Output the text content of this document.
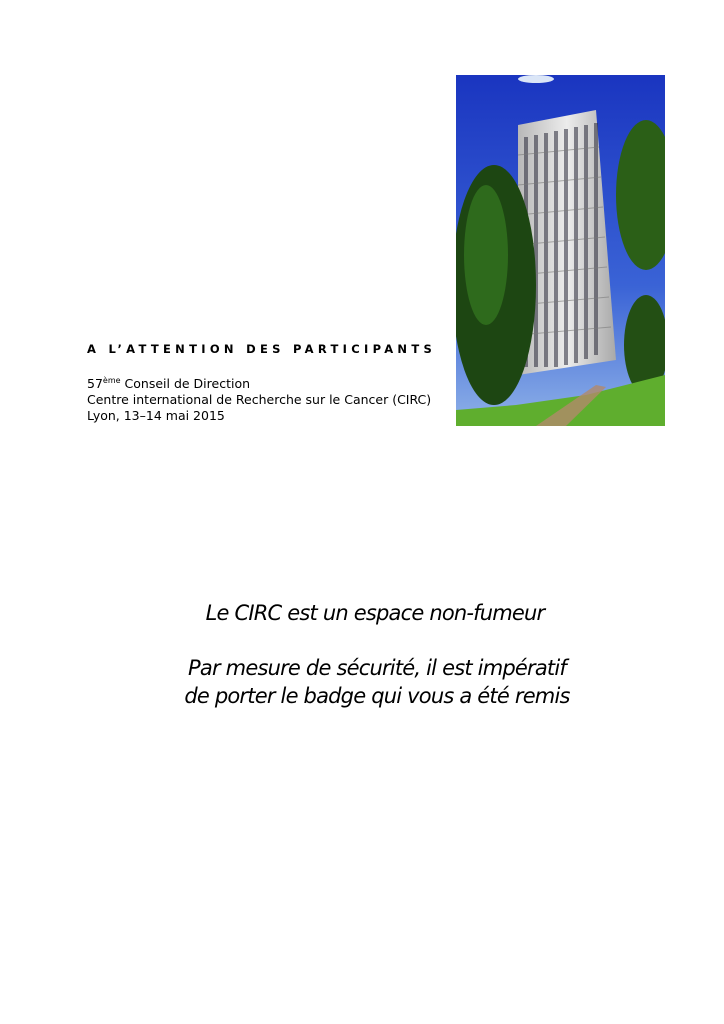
A L’ATTENTION DES PARTICIPANTS
57ème Conseil de Direction
Centre international de Recherche sur le Cancer (CIRC)
Lyon, 13–14 mai 2015
Le CIRC est un espace non-fumeur
Par mesure de sécurité, il est impératif
de porter le badge qui vous a été remis
